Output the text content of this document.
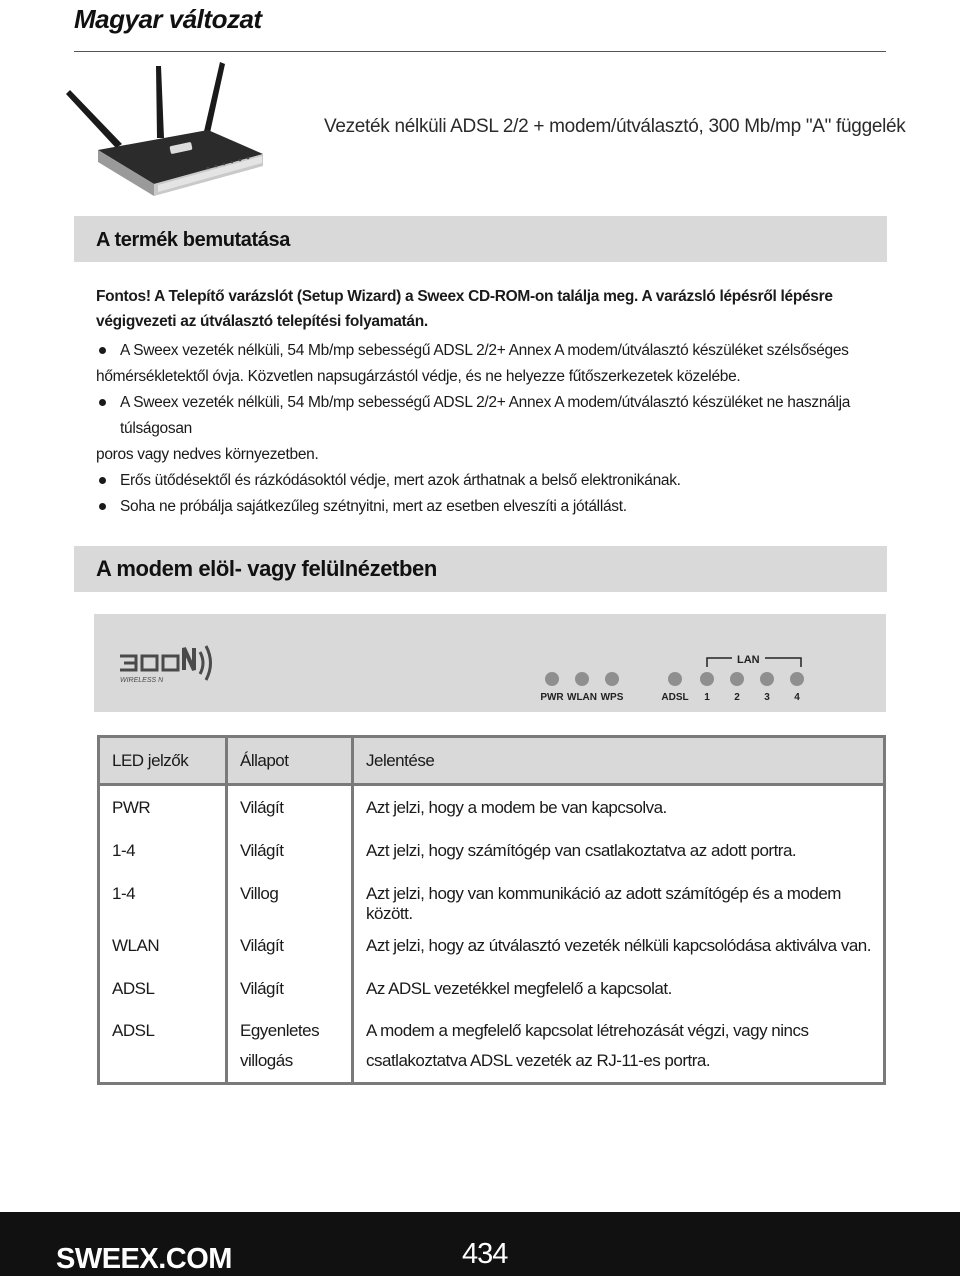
Magyar változat
Vezeték nélküli ADSL 2/2 + modem/útválasztó, 300 Mb/mp "A" függelék
A termék bemutatása
Fontos! A Telepítő varázslót (Setup Wizard) a Sweex CD-ROM-on találja meg. A varázsló lépésről lépésre végigvezeti az útválasztó telepítési folyamatán.
A Sweex vezeték nélküli, 54 Mb/mp sebességű ADSL 2/2+ Annex A modem/útválasztó készüléket szélsőséges
hőmérsékletektől óvja. Közvetlen napsugárzástól védje, és ne helyezze fűtőszerkezetek közelébe.
A Sweex vezeték nélküli, 54 Mb/mp sebességű ADSL 2/2+ Annex A modem/útválasztó készüléket ne használja túlságosan
poros vagy nedves környezetben.
Erős ütődésektől és rázkódásoktól védje, mert azok árthatnak a belső elektronikának.
Soha ne próbálja sajátkezűleg szétnyitni, mert az esetben elveszíti a jótállást.
A modem elöl- vagy felülnézetben
WIRELESS N
LAN
PWR WLAN WPS	ADSL	1	2	3	4
LED jelzők	Állapot	Jelentése
PWR	Világít	Azt jelzi, hogy a modem be van kapcsolva.
1-4	Világít	Azt jelzi, hogy számítógép van csatlakoztatva az adott portra.
1-4	Villog	Azt jelzi, hogy van kommunikáció az adott számítógép és a modem között.
WLAN	Világít	Azt jelzi, hogy az útválasztó vezeték nélküli kapcsolódása aktiválva van.
ADSL	Világít	Az ADSL vezetékkel megfelelő a kapcsolat.
ADSL	Egyenletes villogás	A modem a megfelelő kapcsolat létrehozását végzi, vagy nincs csatlakoztatva ADSL vezeték az RJ-11-es portra.
SWEEX.COM	434
